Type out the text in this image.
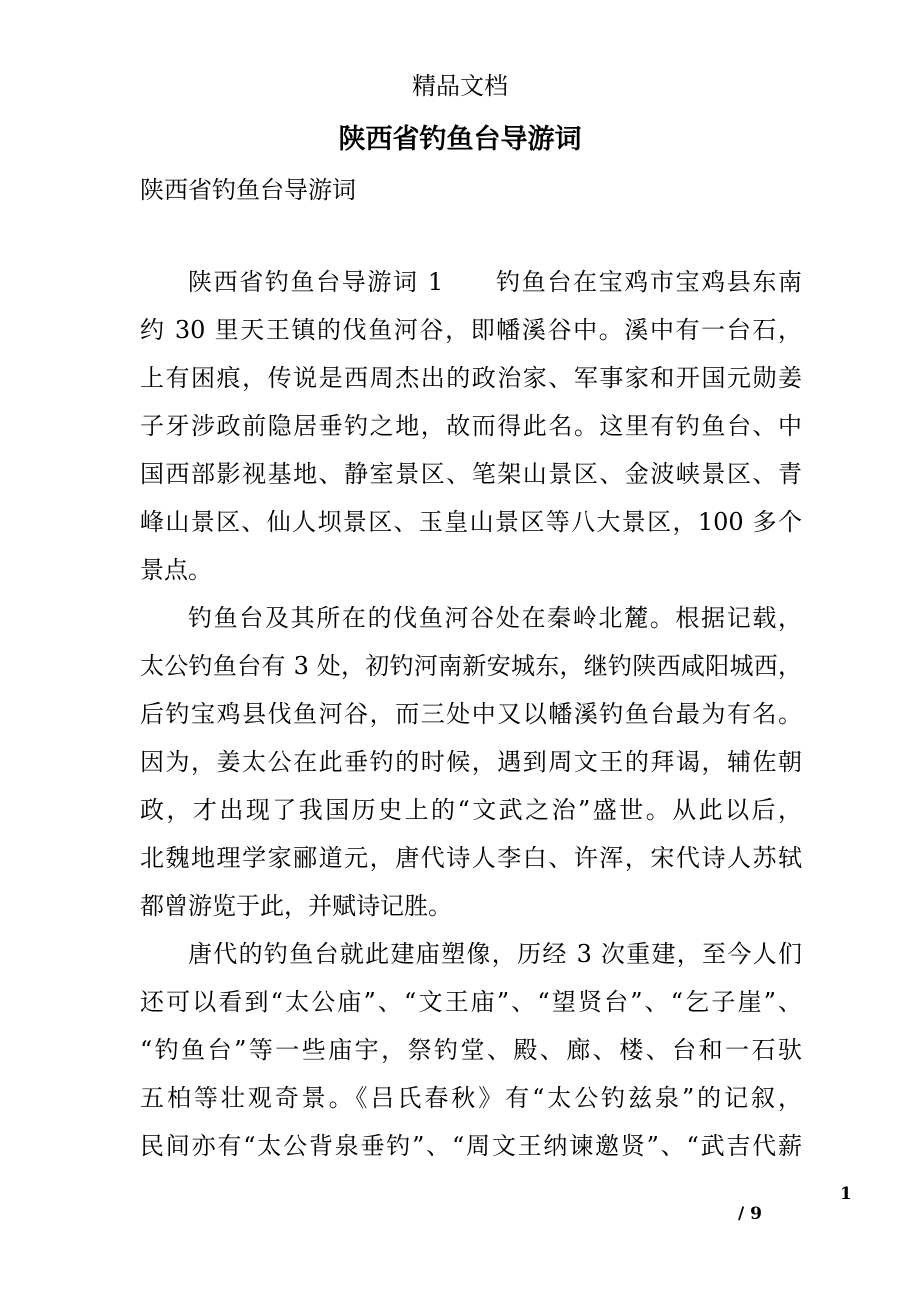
精品文档
陕西省钓鱼台导游词
陕西省钓鱼台导游词
陕西省钓鱼台导游词 1　　钓鱼台在宝鸡市宝鸡县东南
约 30 里天王镇的伐鱼河谷，即幡溪谷中。溪中有一台石，
上有困痕，传说是西周杰出的政治家、军事家和开国元勋姜
子牙涉政前隐居垂钓之地，故而得此名。这里有钓鱼台、中
国西部影视基地、静室景区、笔架山景区、金波峡景区、青
峰山景区、仙人坝景区、玉皇山景区等八大景区，100 多个
景点。
钓鱼台及其所在的伐鱼河谷处在秦岭北麓。根据记载，
太公钓鱼台有 3 处，初钓河南新安城东，继钓陕西咸阳城西，
后钓宝鸡县伐鱼河谷，而三处中又以幡溪钓鱼台最为有名。
因为，姜太公在此垂钓的时候，遇到周文王的拜谒，辅佐朝
政，才出现了我国历史上的“文武之治”盛世。从此以后，
北魏地理学家郦道元，唐代诗人李白、许浑，宋代诗人苏轼
都曾游览于此，并赋诗记胜。
唐代的钓鱼台就此建庙塑像，历经 3 次重建，至今人们
还可以看到“太公庙”、“文王庙”、“望贤台”、“乞子崖”、
“钓鱼台”等一些庙宇，祭钓堂、殿、廊、楼、台和一石驮
五柏等壮观奇景。《吕氏春秋》有“太公钓兹泉”的记叙，
民间亦有“太公背泉垂钓”、“周文王纳谏邀贤”、“武吉代薪
1
/ 9
